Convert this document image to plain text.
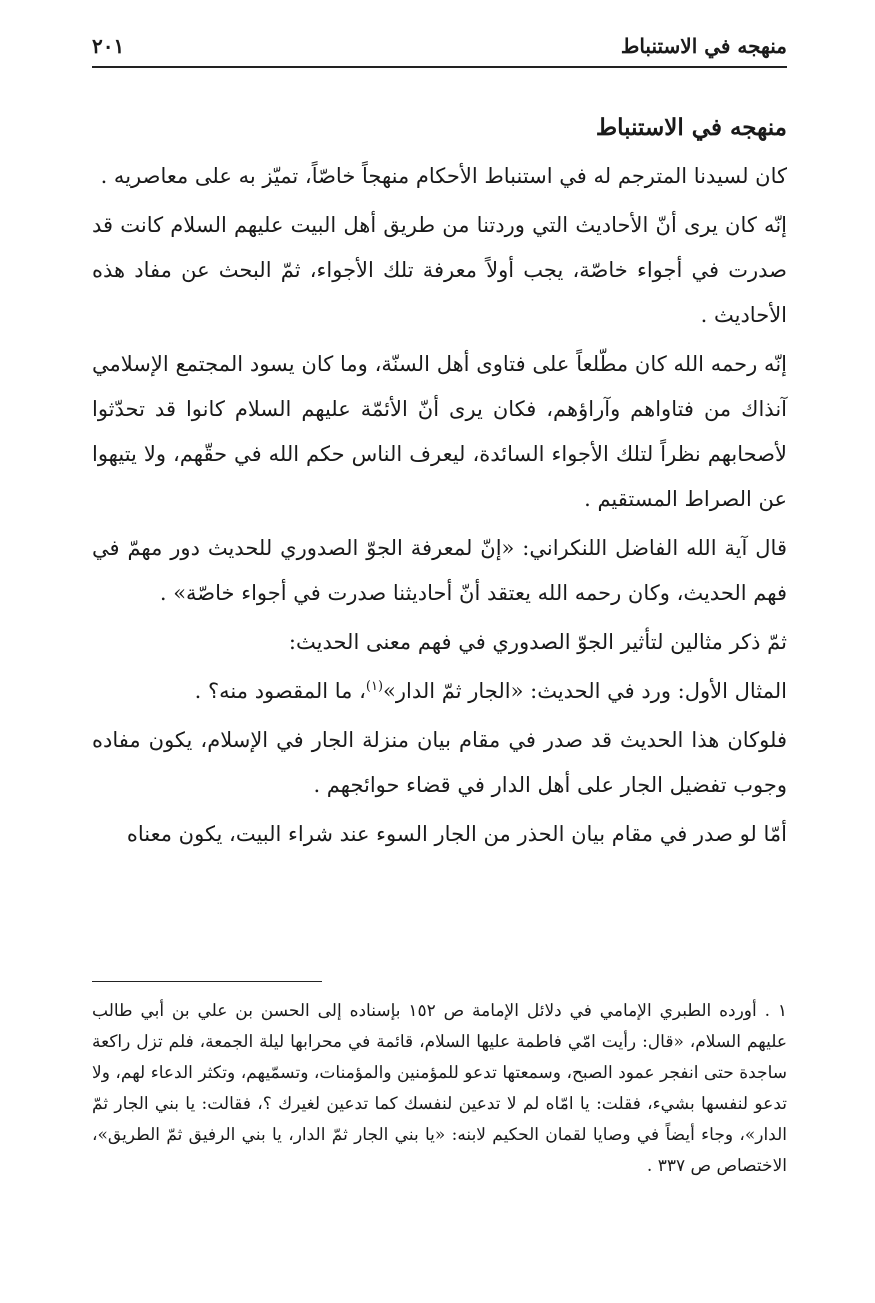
منهجه في الاستنباط
٢٠١
منهجه في الاستنباط

كان لسيدنا المترجم له في استنباط الأحكام منهجاً خاصّاً، تميّز به على معاصريه .

إنّه كان يرى أنّ الأحاديث التي وردتنا من طريق أهل البيت عليهم السلام كانت قد صدرت في أجواء خاصّة، يجب أولاً معرفة تلك الأجواء، ثمّ البحث عن مفاد هذه الأحاديث .

إنّه رحمه الله كان مطّلعاً على فتاوى أهل السنّة، وما كان يسود المجتمع الإسلامي آنذاك من فتاواهم وآراؤهم، فكان يرى أنّ الأئمّة عليهم السلام كانوا قد تحدّثوا لأصحابهم نظراً لتلك الأجواء السائدة، ليعرف الناس حكم الله في حقّهم، ولا يتيهوا عن الصراط المستقيم .

قال آية الله الفاضل اللنكراني: «إنّ لمعرفة الجوّ الصدوري للحديث دور مهمّ في فهم الحديث، وكان رحمه الله يعتقد أنّ أحاديثنا صدرت في أجواء خاصّة» .

ثمّ ذكر مثالين لتأثير الجوّ الصدوري في فهم معنى الحديث:

المثال الأول: ورد في الحديث: «الجار ثمّ الدار»$^{(١)}$، ما المقصود منه؟ .

فلوكان هذا الحديث قد صدر في مقام بيان منزلة الجار في الإسلام، يكون مفاده وجوب تفضيل الجار على أهل الدار في قضاء حوائجهم .

أمّا لو صدر في مقام بيان الحذر من الجار السوء عند شراء البيت، يكون معناه

١ . أورده الطبري الإمامي في دلائل الإمامة ص ١٥٢ بإسناده إلى الحسن بن علي بن أبي طالب عليهم السلام، «قال: رأيت امّي فاطمة عليها السلام، قائمة في محرابها ليلة الجمعة، فلم تزل راكعة ساجدة حتى انفجر عمود الصبح، وسمعتها تدعو للمؤمنين والمؤمنات، وتسمّيهم، وتكثر الدعاء لهم، ولا تدعو لنفسها بشيء، فقلت: يا امّاه لم لا تدعين لنفسك كما تدعين لغيرك ؟، فقالت: يا بني الجار ثمّ الدار»، وجاء أيضاً في وصايا لقمان الحكيم لابنه: «يا بني الجار ثمّ الدار، يا بني الرفيق ثمّ الطريق»، الاختصاص ص ٣٣٧ .
